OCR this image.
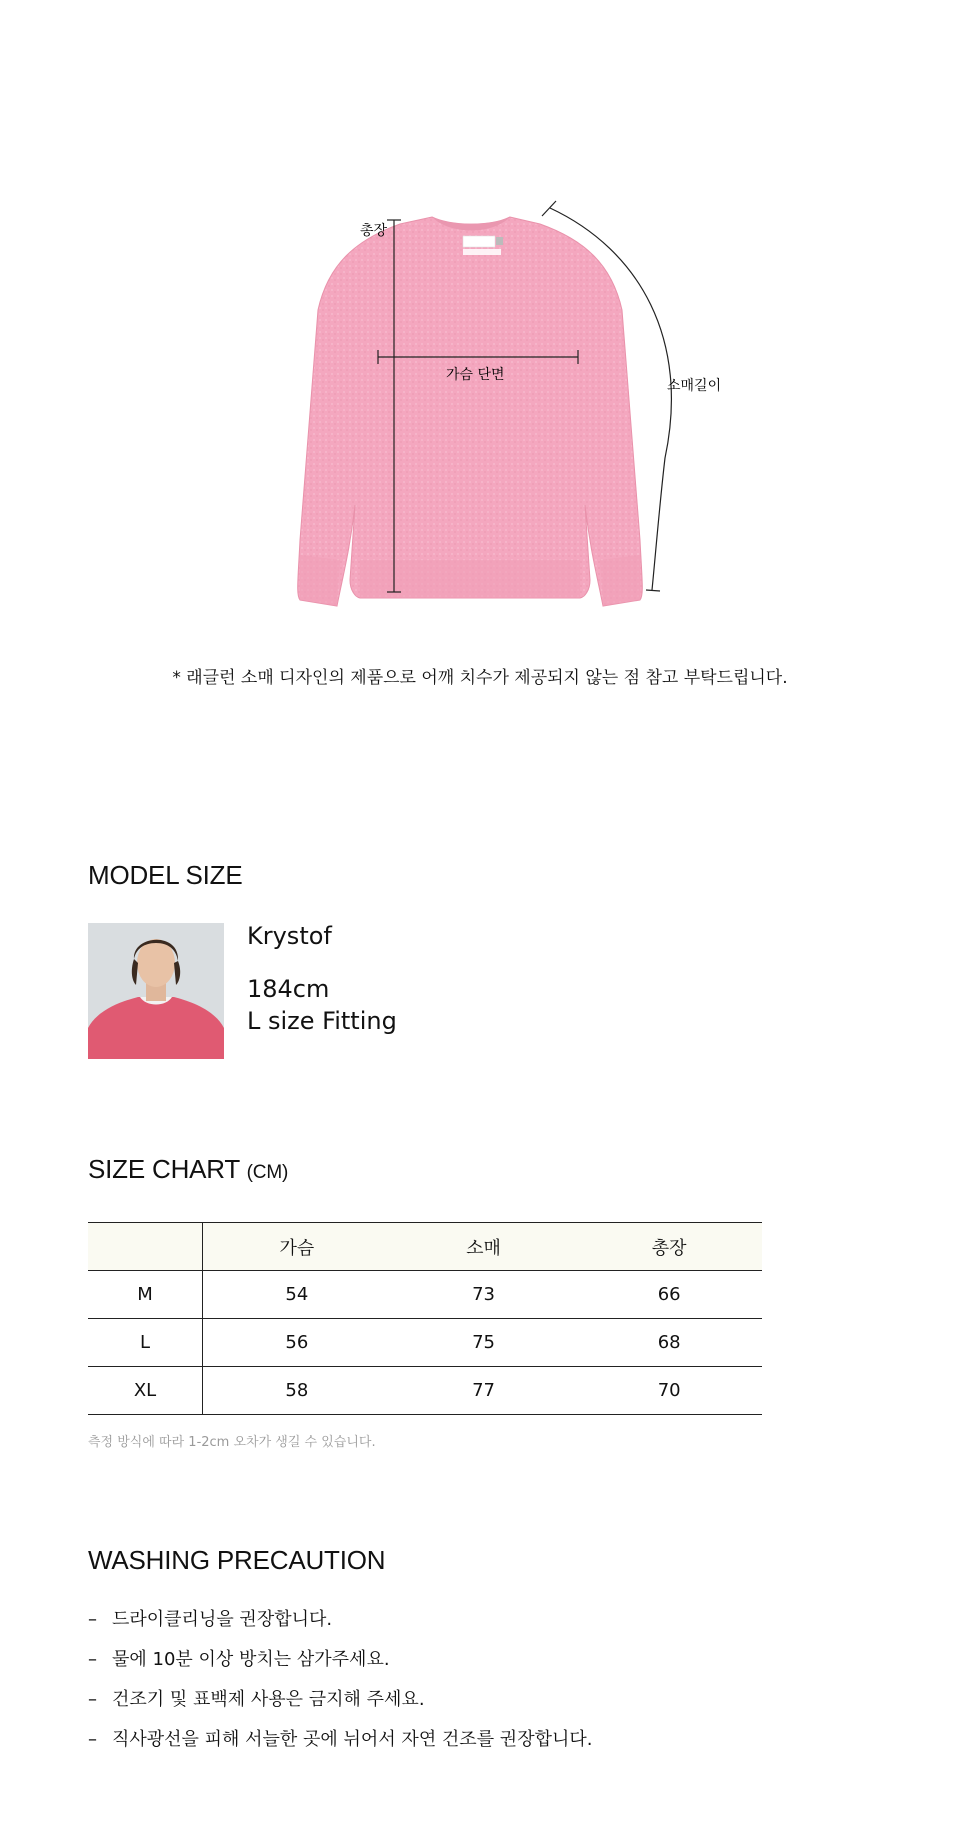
총장
가슴 단면
소매길이
* 래글런 소매 디자인의 제품으로 어깨 치수가 제공되지 않는 점 참고 부탁드립니다.
MODEL SIZE
Krystof
184cm
L size Fitting
SIZE CHART (CM)
	가슴	소매	총장
M	54	73	66
L	56	75	68
XL	58	77	70
측정 방식에 따라 1-2cm 오차가 생길 수 있습니다.
WASHING PRECAUTION
– 드라이클리닝을 권장합니다.
– 물에 10분 이상 방치는 삼가주세요.
– 건조기 및 표백제 사용은 금지해 주세요.
– 직사광선을 피해 서늘한 곳에 뉘어서 자연 건조를 권장합니다.
